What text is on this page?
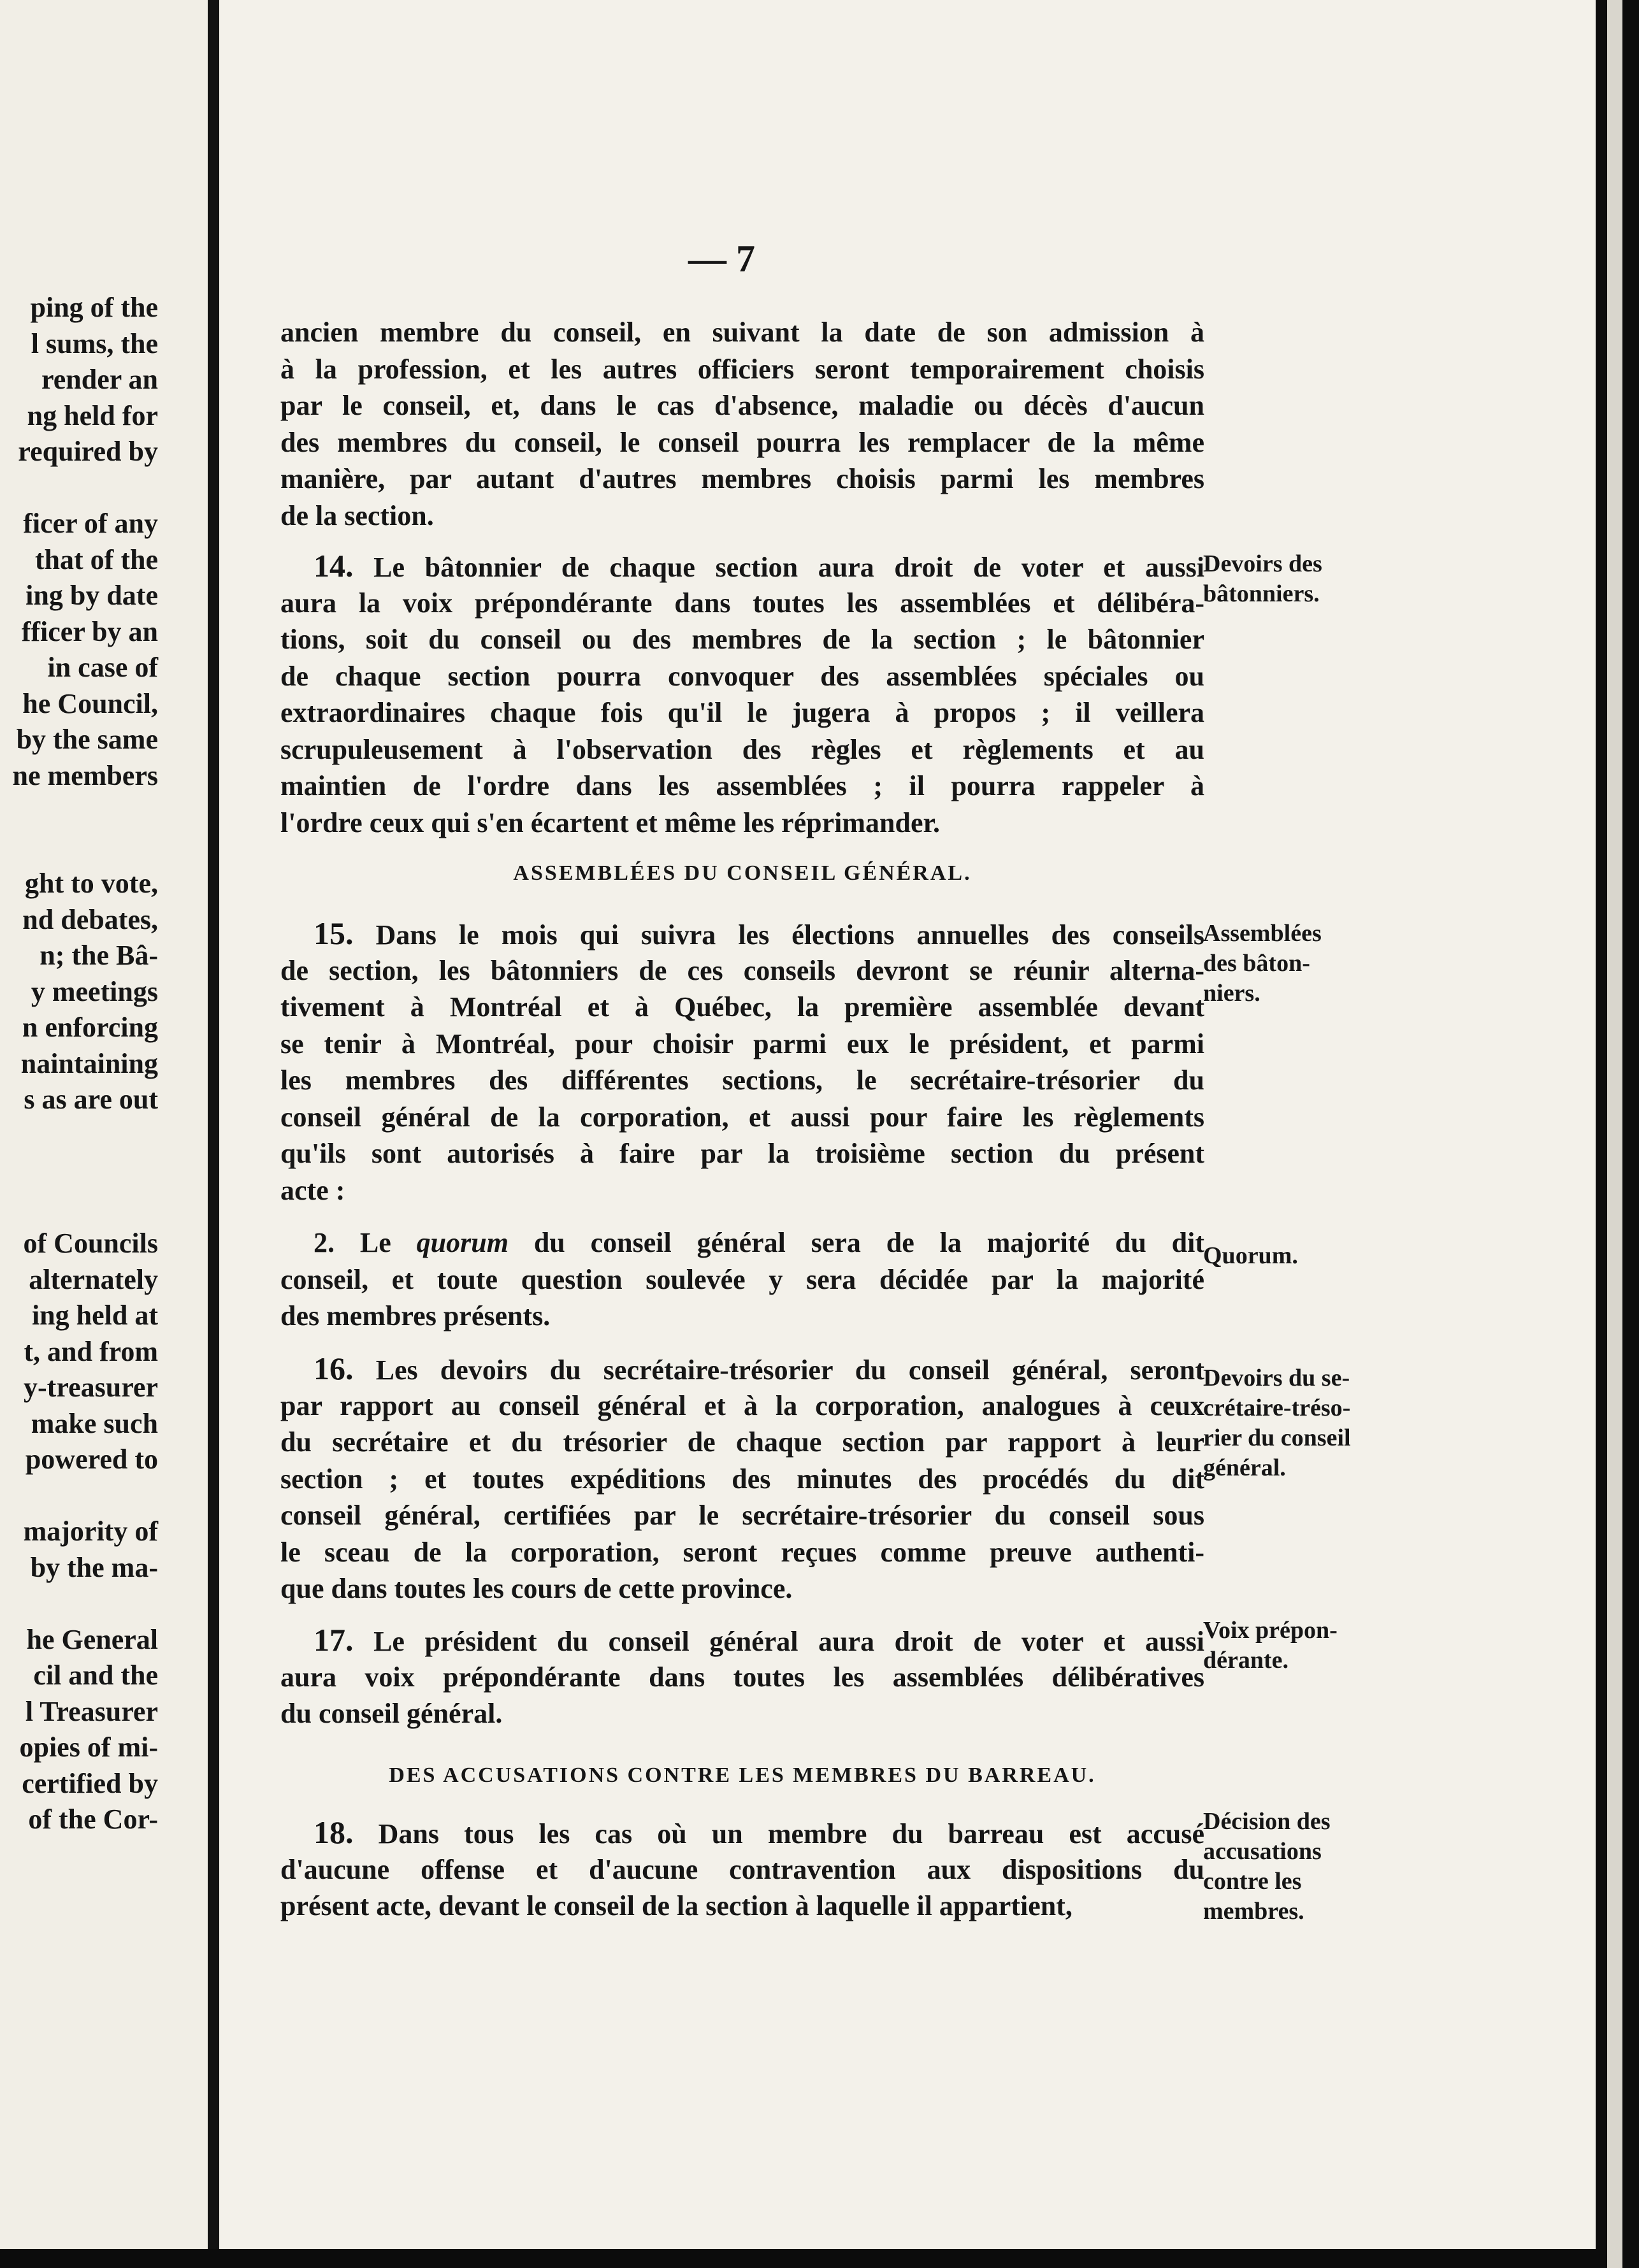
ping of the
l sums, the
render an
ng held for
required by

ficer of any
that of the
ing by date
fficer by an
in case of
he Council,
by the same
ne members

ght to vote,
nd debates,
n; the Bâ-
y meetings
n enforcing
naintaining
s as are out

of Councils
alternately
ing held at
t, and from
y-treasurer
make such
powered to

majority of
by the ma-

he General
cil and the
l Treasurer
opies of mi-
certified by
of the Cor-
— 7
ancien membre du conseil, en suivant la date de son admission à
à la profession, et les autres officiers seront temporairement choisis
par le conseil, et, dans le cas d'absence, maladie ou décès d'aucun
des membres du conseil, le conseil pourra les remplacer de la même
manière, par autant d'autres membres choisis parmi les membres
de la section.
14. Le bâtonnier de chaque section aura droit de voter et aussi
aura la voix prépondérante dans toutes les assemblées et délibéra-
tions, soit du conseil ou des membres de la section ; le bâtonnier
de chaque section pourra convoquer des assemblées spéciales ou
extraordinaires chaque fois qu'il le jugera à propos ; il veillera
scrupuleusement à l'observation des règles et règlements et au
maintien de l'ordre dans les assemblées ; il pourra rappeler à
l'ordre ceux qui s'en écartent et même les réprimander.
Devoirs des
bâtonniers.
ASSEMBLÉES DU CONSEIL GÉNÉRAL.
15. Dans le mois qui suivra les élections annuelles des conseils
de section, les bâtonniers de ces conseils devront se réunir alterna-
tivement à Montréal et à Québec, la première assemblée devant
se tenir à Montréal, pour choisir parmi eux le président, et parmi
les membres des différentes sections, le secrétaire-trésorier du
conseil général de la corporation, et aussi pour faire les règlements
qu'ils sont autorisés à faire par la troisième section du présent
acte :
Assemblées
des bâton-
niers.
2. Le quorum du conseil général sera de la majorité du dit
conseil, et toute question soulevée y sera décidée par la majorité
des membres présents.
Quorum.
16. Les devoirs du secrétaire-trésorier du conseil général, seront
par rapport au conseil général et à la corporation, analogues à ceux
du secrétaire et du trésorier de chaque section par rapport à leur
section ; et toutes expéditions des minutes des procédés du dit
conseil général, certifiées par le secrétaire-trésorier du conseil sous
le sceau de la corporation, seront reçues comme preuve authenti-
que dans toutes les cours de cette province.
Devoirs du se-
crétaire-tréso-
rier du conseil
général.
17. Le président du conseil général aura droit de voter et aussi
aura voix prépondérante dans toutes les assemblées délibératives
du conseil général.
Voix prépon-
dérante.
DES ACCUSATIONS CONTRE LES MEMBRES DU BARREAU.
18. Dans tous les cas où un membre du barreau est accusé
d'aucune offense et d'aucune contravention aux dispositions du
présent acte, devant le conseil de la section à laquelle il appartient,
Décision des
accusations
contre les
membres.
